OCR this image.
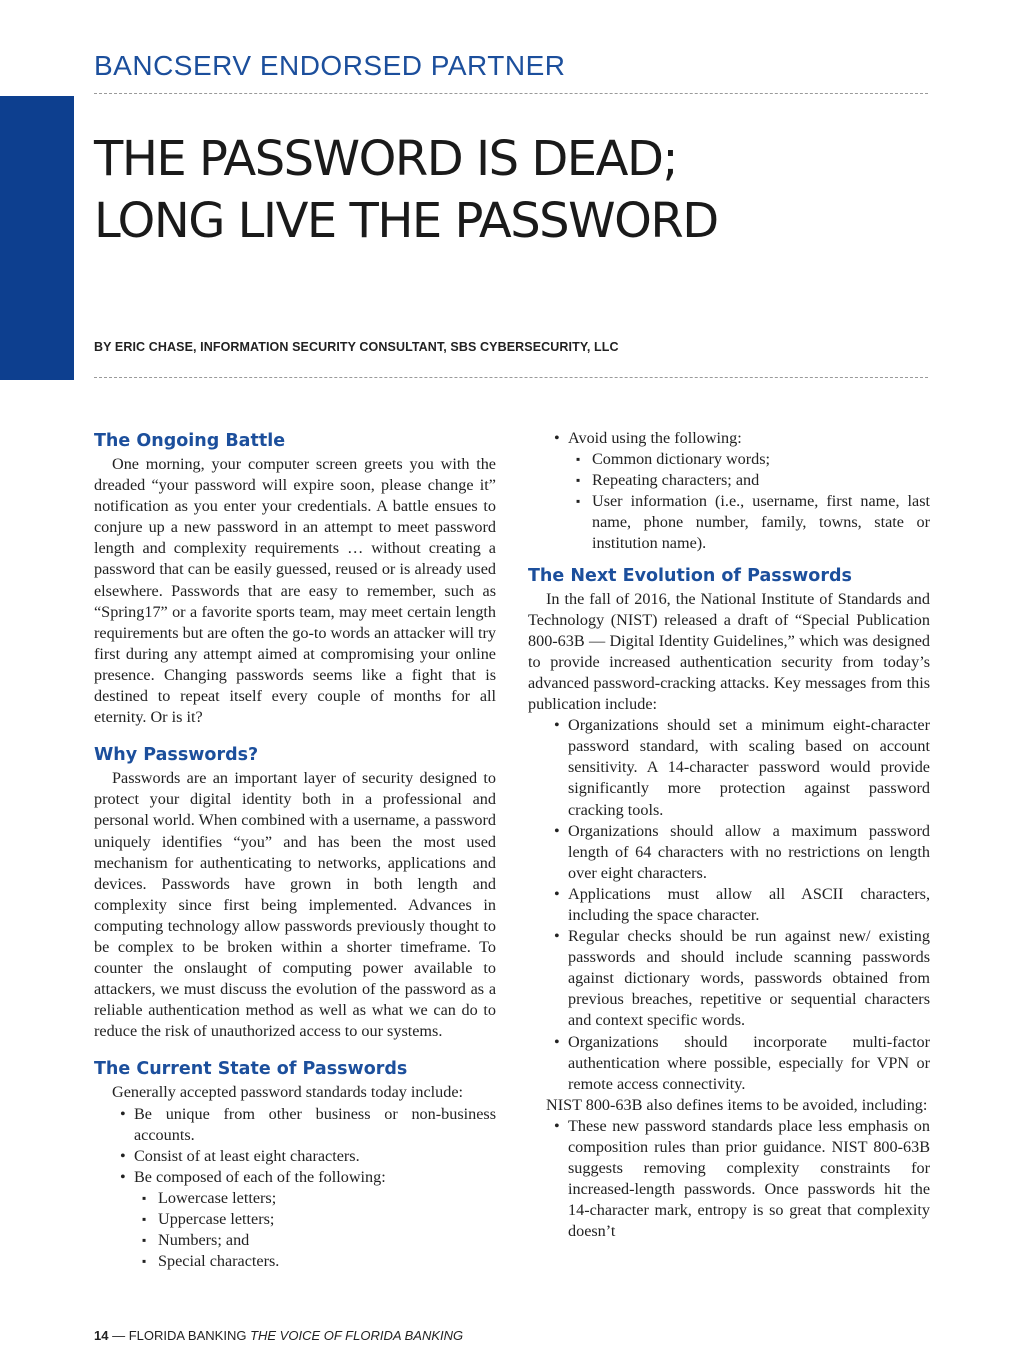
BANCSERV ENDORSED PARTNER
THE PASSWORD IS DEAD;
LONG LIVE THE PASSWORD
BY ERIC CHASE, INFORMATION SECURITY CONSULTANT, SBS CYBERSECURITY, LLC
The Ongoing Battle

One morning, your computer screen greets you with the dreaded “your password will expire soon, please change it” notification as you enter your credentials. A battle ensues to conjure up a new password in an attempt to meet password length and complexity requirements … without creating a password that can be easily guessed, reused or is already used elsewhere. Passwords that are easy to remember, such as “Spring17” or a favorite sports team, may meet certain length requirements but are often the go-to words an attacker will try first during any attempt aimed at compromising your online presence. Changing passwords seems like a fight that is destined to repeat itself every couple of months for all eternity. Or is it?

Why Passwords?

Passwords are an important layer of security designed to protect your digital identity both in a professional and personal world. When combined with a username, a password uniquely identifies “you” and has been the most used mechanism for authenticating to networks, applications and devices. Passwords have grown in both length and complexity since first being implemented. Advances in computing technology allow passwords previously thought to be complex to be broken within a shorter timeframe. To counter the onslaught of computing power available to attackers, we must discuss the evolution of the password as a reliable authentication method as well as what we can do to reduce the risk of unauthorized access to our systems.

The Current State of Passwords

Generally accepted password standards today include:

• Be unique from other business or non-business accounts.
• Consist of at least eight characters.
• Be composed of each of the following:
▪ Lowercase letters;
▪ Uppercase letters;
▪ Numbers; and
▪ Special characters.
• Avoid using the following:
▪ Common dictionary words;
▪ Repeating characters; and
▪ User information (i.e., username, first name, last name, phone number, family, towns, state or institution name).
The Next Evolution of Passwords

In the fall of 2016, the National Institute of Standards and Technology (NIST) released a draft of “Special Publication 800-63B — Digital Identity Guidelines,” which was designed to provide increased authentication security from today’s advanced password-cracking attacks. Key messages from this publication include:

• Organizations should set a minimum eight-character password standard, with scaling based on account sensitivity. A 14-character password would provide significantly more protection against password cracking tools.
• Organizations should allow a maximum password length of 64 characters with no restrictions on length over eight characters.
• Applications must allow all ASCII characters, including the space character.
• Regular checks should be run against new/ existing passwords and should include scanning passwords against dictionary words, passwords obtained from previous breaches, repetitive or sequential characters and context specific words.
• Organizations should incorporate multi-factor authentication where possible, especially for VPN or remote access connectivity.

NIST 800-63B also defines items to be avoided, including:

• These new password standards place less emphasis on composition rules than prior guidance. NIST 800-63B suggests removing complexity constraints for increased-length passwords. Once passwords hit the 14-character mark, entropy is so great that complexity doesn’t
14 — FLORIDA BANKING THE VOICE OF FLORIDA BANKING
